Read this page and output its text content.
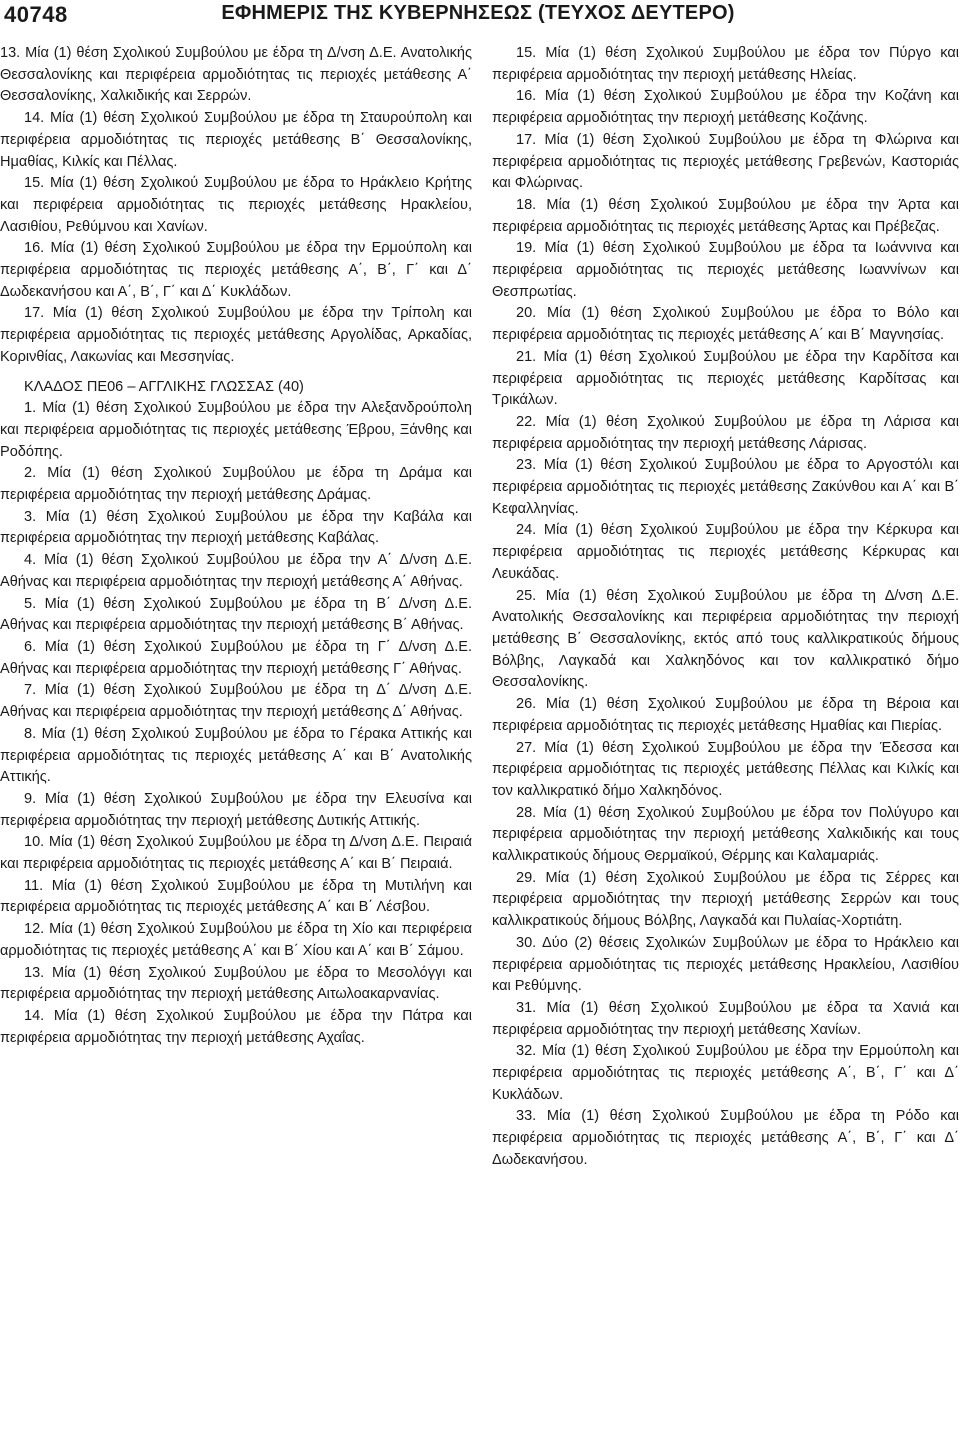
40748	ΕΦΗΜΕΡΙΣ ΤΗΣ ΚΥΒΕΡΝΗΣΕΩΣ (ΤΕΥΧΟΣ ΔΕΥΤΕΡΟ)

13. Μία (1) θέση Σχολικού Συμβούλου με έδρα τη Δ/νση Δ.Ε. Ανατολικής Θεσσαλονίκης και περιφέρεια αρμοδιότητας τις περιοχές μετάθεσης Α΄ Θεσσαλονίκης, Χαλκιδικής και Σερρών.

14. Μία (1) θέση Σχολικού Συμβούλου με έδρα τη Σταυρούπολη και περιφέρεια αρμοδιότητας τις περιοχές μετάθεσης Β΄ Θεσσαλονίκης, Ημαθίας, Κιλκίς και Πέλλας.

15. Μία (1) θέση Σχολικού Συμβούλου με έδρα το Ηράκλειο Κρήτης και περιφέρεια αρμοδιότητας τις περιοχές μετάθεσης Ηρακλείου, Λασιθίου, Ρεθύμνου και Χανίων.

16. Μία (1) θέση Σχολικού Συμβούλου με έδρα την Ερμούπολη και περιφέρεια αρμοδιότητας τις περιοχές μετάθεσης Α΄, Β΄, Γ΄ και Δ΄ Δωδεκανήσου και Α΄, Β΄, Γ΄ και Δ΄ Κυκλάδων.

17. Μία (1) θέση Σχολικού Συμβούλου με έδρα την Τρίπολη και περιφέρεια αρμοδιότητας τις περιοχές μετάθεσης Αργολίδας, Αρκαδίας, Κορινθίας, Λακωνίας και Μεσσηνίας.

ΚΛΑΔΟΣ ΠΕ06 – ΑΓΓΛΙΚΗΣ ΓΛΩΣΣΑΣ (40)

1. Μία (1) θέση Σχολικού Συμβούλου με έδρα την Αλεξανδρούπολη και περιφέρεια αρμοδιότητας τις περιοχές μετάθεσης Έβρου, Ξάνθης και Ροδόπης.

2. Μία (1) θέση Σχολικού Συμβούλου με έδρα τη Δράμα και περιφέρεια αρμοδιότητας την περιοχή μετάθεσης Δράμας.

3. Μία (1) θέση Σχολικού Συμβούλου με έδρα την Καβάλα και περιφέρεια αρμοδιότητας την περιοχή μετάθεσης Καβάλας.

4. Μία (1) θέση Σχολικού Συμβούλου με έδρα την Α΄ Δ/νση Δ.Ε. Αθήνας και περιφέρεια αρμοδιότητας την περιοχή μετάθεσης Α΄ Αθήνας.

5. Μία (1) θέση Σχολικού Συμβούλου με έδρα τη Β΄ Δ/νση Δ.Ε. Αθήνας και περιφέρεια αρμοδιότητας την περιοχή μετάθεσης Β΄ Αθήνας.

6. Μία (1) θέση Σχολικού Συμβούλου με έδρα τη Γ΄ Δ/νση Δ.Ε. Αθήνας και περιφέρεια αρμοδιότητας την περιοχή μετάθεσης Γ΄ Αθήνας.

7. Μία (1) θέση Σχολικού Συμβούλου με έδρα τη Δ΄ Δ/νση Δ.Ε. Αθήνας και περιφέρεια αρμοδιότητας την περιοχή μετάθεσης Δ΄ Αθήνας.

8. Μία (1) θέση Σχολικού Συμβούλου με έδρα το Γέρακα Αττικής και περιφέρεια αρμοδιότητας τις περιοχές μετάθεσης Α΄ και Β΄ Ανατολικής Αττικής.

9. Μία (1) θέση Σχολικού Συμβούλου με έδρα την Ελευσίνα και περιφέρεια αρμοδιότητας την περιοχή μετάθεσης Δυτικής Αττικής.

10. Μία (1) θέση Σχολικού Συμβούλου με έδρα τη Δ/νση Δ.Ε. Πειραιά και περιφέρεια αρμοδιότητας τις περιοχές μετάθεσης Α΄ και Β΄ Πειραιά.

11. Μία (1) θέση Σχολικού Συμβούλου με έδρα τη Μυτιλήνη και περιφέρεια αρμοδιότητας τις περιοχές μετάθεσης Α΄ και Β΄ Λέσβου.

12. Μία (1) θέση Σχολικού Συμβούλου με έδρα τη Χίο και περιφέρεια αρμοδιότητας τις περιοχές μετάθεσης Α΄ και Β΄ Χίου και Α΄ και Β΄ Σάμου.

13. Μία (1) θέση Σχολικού Συμβούλου με έδρα το Μεσολόγγι και περιφέρεια αρμοδιότητας την περιοχή μετάθεσης Αιτωλοακαρνανίας.

14. Μία (1) θέση Σχολικού Συμβούλου με έδρα την Πάτρα και περιφέρεια αρμοδιότητας την περιοχή μετάθεσης Αχαΐας.

15. Μία (1) θέση Σχολικού Συμβούλου με έδρα τον Πύργο και περιφέρεια αρμοδιότητας την περιοχή μετάθεσης Ηλείας.

16. Μία (1) θέση Σχολικού Συμβούλου με έδρα την Κοζάνη και περιφέρεια αρμοδιότητας την περιοχή μετάθεσης Κοζάνης.

17. Μία (1) θέση Σχολικού Συμβούλου με έδρα τη Φλώρινα και περιφέρεια αρμοδιότητας τις περιοχές μετάθεσης Γρεβενών, Καστοριάς και Φλώρινας.

18. Μία (1) θέση Σχολικού Συμβούλου με έδρα την Άρτα και περιφέρεια αρμοδιότητας τις περιοχές μετάθεσης Άρτας και Πρέβεζας.

19. Μία (1) θέση Σχολικού Συμβούλου με έδρα τα Ιωάννινα και περιφέρεια αρμοδιότητας τις περιοχές μετάθεσης Ιωαννίνων και Θεσπρωτίας.

20. Μία (1) θέση Σχολικού Συμβούλου με έδρα το Βόλο και περιφέρεια αρμοδιότητας τις περιοχές μετάθεσης Α΄ και Β΄ Μαγνησίας.

21. Μία (1) θέση Σχολικού Συμβούλου με έδρα την Καρδίτσα και περιφέρεια αρμοδιότητας τις περιοχές μετάθεσης Καρδίτσας και Τρικάλων.

22. Μία (1) θέση Σχολικού Συμβούλου με έδρα τη Λάρισα και περιφέρεια αρμοδιότητας την περιοχή μετάθεσης Λάρισας.

23. Μία (1) θέση Σχολικού Συμβούλου με έδρα το Αργοστόλι και περιφέρεια αρμοδιότητας τις περιοχές μετάθεσης Ζακύνθου και Α΄ και Β΄ Κεφαλληνίας.

24. Μία (1) θέση Σχολικού Συμβούλου με έδρα την Κέρκυρα και περιφέρεια αρμοδιότητας τις περιοχές μετάθεσης Κέρκυρας και Λευκάδας.

25. Μία (1) θέση Σχολικού Συμβούλου με έδρα τη Δ/νση Δ.Ε. Ανατολικής Θεσσαλονίκης και περιφέρεια αρμοδιότητας την περιοχή μετάθεσης Β΄ Θεσσαλονίκης, εκτός από τους καλλικρατικούς δήμους Βόλβης, Λαγκαδά και Χαλκηδόνος και τον καλλικρατικό δήμο Θεσσαλονίκης.

26. Μία (1) θέση Σχολικού Συμβούλου με έδρα τη Βέροια και περιφέρεια αρμοδιότητας τις περιοχές μετάθεσης Ημαθίας και Πιερίας.

27. Μία (1) θέση Σχολικού Συμβούλου με έδρα την Έδεσσα και περιφέρεια αρμοδιότητας τις περιοχές μετάθεσης Πέλλας και Κιλκίς και τον καλλικρατικό δήμο Χαλκηδόνος.

28. Μία (1) θέση Σχολικού Συμβούλου με έδρα τον Πολύγυρο και περιφέρεια αρμοδιότητας την περιοχή μετάθεσης Χαλκιδικής και τους καλλικρατικούς δήμους Θερμαϊκού, Θέρμης και Καλαμαριάς.

29. Μία (1) θέση Σχολικού Συμβούλου με έδρα τις Σέρρες και περιφέρεια αρμοδιότητας την περιοχή μετάθεσης Σερρών και τους καλλικρατικούς δήμους Βόλβης, Λαγκαδά και Πυλαίας-Χορτιάτη.

30. Δύο (2) θέσεις Σχολικών Συμβούλων με έδρα το Ηράκλειο και περιφέρεια αρμοδιότητας τις περιοχές μετάθεσης Ηρακλείου, Λασιθίου και Ρεθύμνης.

31. Μία (1) θέση Σχολικού Συμβούλου με έδρα τα Χανιά και περιφέρεια αρμοδιότητας την περιοχή μετάθεσης Χανίων.

32. Μία (1) θέση Σχολικού Συμβούλου με έδρα την Ερμούπολη και περιφέρεια αρμοδιότητας τις περιοχές μετάθεσης Α΄, Β΄, Γ΄ και Δ΄ Κυκλάδων.

33. Μία (1) θέση Σχολικού Συμβούλου με έδρα τη Ρόδο και περιφέρεια αρμοδιότητας τις περιοχές μετάθεσης Α΄, Β΄, Γ΄ και Δ΄ Δωδεκανήσου.
